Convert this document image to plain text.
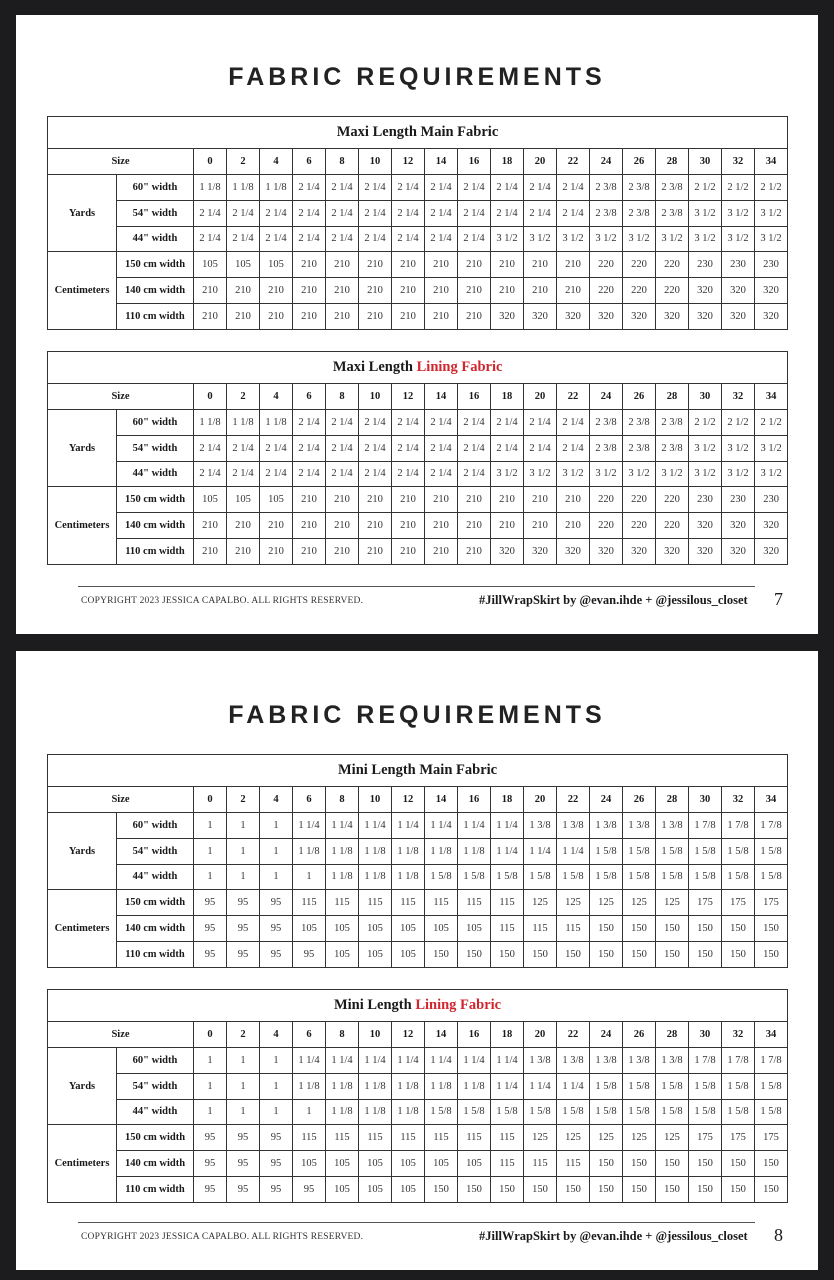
FABRIC REQUIREMENTS
Maxi Length Main Fabric																			
Size		0	2	4	6	8	10	12	14	16	18	20	22	24	26	28	30	32	34
Yards	60" width	1 1/8	1 1/8	1 1/8	2 1/4	2 1/4	2 1/4	2 1/4	2 1/4	2 1/4	2 1/4	2 1/4	2 1/4	2 3/8	2 3/8	2 3/8	2 1/2	2 1/2	2 1/2
	54" width	2 1/4	2 1/4	2 1/4	2 1/4	2 1/4	2 1/4	2 1/4	2 1/4	2 1/4	2 1/4	2 1/4	2 1/4	2 3/8	2 3/8	2 3/8	3 1/2	3 1/2	3 1/2
	44" width	2 1/4	2 1/4	2 1/4	2 1/4	2 1/4	2 1/4	2 1/4	2 1/4	2 1/4	3 1/2	3 1/2	3 1/2	3 1/2	3 1/2	3 1/2	3 1/2	3 1/2	3 1/2
Centimeters	150 cm width	105	105	105	210	210	210	210	210	210	210	210	210	220	220	220	230	230	230
	140 cm width	210	210	210	210	210	210	210	210	210	210	210	210	220	220	220	320	320	320
	110 cm width	210	210	210	210	210	210	210	210	210	320	320	320	320	320	320	320	320	320
Maxi Length Lining Fabric																			
Size		0	2	4	6	8	10	12	14	16	18	20	22	24	26	28	30	32	34
Yards	60" width	1 1/8	1 1/8	1 1/8	2 1/4	2 1/4	2 1/4	2 1/4	2 1/4	2 1/4	2 1/4	2 1/4	2 1/4	2 3/8	2 3/8	2 3/8	2 1/2	2 1/2	2 1/2
	54" width	2 1/4	2 1/4	2 1/4	2 1/4	2 1/4	2 1/4	2 1/4	2 1/4	2 1/4	2 1/4	2 1/4	2 1/4	2 3/8	2 3/8	2 3/8	3 1/2	3 1/2	3 1/2
	44" width	2 1/4	2 1/4	2 1/4	2 1/4	2 1/4	2 1/4	2 1/4	2 1/4	2 1/4	3 1/2	3 1/2	3 1/2	3 1/2	3 1/2	3 1/2	3 1/2	3 1/2	3 1/2
Centimeters	150 cm width	105	105	105	210	210	210	210	210	210	210	210	210	220	220	220	230	230	230
	140 cm width	210	210	210	210	210	210	210	210	210	210	210	210	220	220	220	320	320	320
	110 cm width	210	210	210	210	210	210	210	210	210	320	320	320	320	320	320	320	320	320
COPYRIGHT 2023 JESSICA CAPALBO. ALL RIGHTS RESERVED.	#JillWrapSkirt by @evan.ihde + @jessilous_closet 7
FABRIC REQUIREMENTS
Mini Length Main Fabric																			
Size		0	2	4	6	8	10	12	14	16	18	20	22	24	26	28	30	32	34
Yards	60" width	1	1	1	1 1/4	1 1/4	1 1/4	1 1/4	1 1/4	1 1/4	1 1/4	1 3/8	1 3/8	1 3/8	1 3/8	1 3/8	1 7/8	1 7/8	1 7/8
	54" width	1	1	1	1 1/8	1 1/8	1 1/8	1 1/8	1 1/8	1 1/8	1 1/4	1 1/4	1 1/4	1 5/8	1 5/8	1 5/8	1 5/8	1 5/8	1 5/8
	44" width	1	1	1	1	1 1/8	1 1/8	1 1/8	1 5/8	1 5/8	1 5/8	1 5/8	1 5/8	1 5/8	1 5/8	1 5/8	1 5/8	1 5/8	1 5/8
Centimeters	150 cm width	95	95	95	115	115	115	115	115	115	115	125	125	125	125	125	175	175	175
	140 cm width	95	95	95	105	105	105	105	105	105	115	115	115	150	150	150	150	150	150
	110 cm width	95	95	95	95	105	105	105	150	150	150	150	150	150	150	150	150	150	150
Mini Length Lining Fabric																			
Size		0	2	4	6	8	10	12	14	16	18	20	22	24	26	28	30	32	34
Yards	60" width	1	1	1	1 1/4	1 1/4	1 1/4	1 1/4	1 1/4	1 1/4	1 1/4	1 3/8	1 3/8	1 3/8	1 3/8	1 3/8	1 7/8	1 7/8	1 7/8
	54" width	1	1	1	1 1/8	1 1/8	1 1/8	1 1/8	1 1/8	1 1/8	1 1/4	1 1/4	1 1/4	1 5/8	1 5/8	1 5/8	1 5/8	1 5/8	1 5/8
	44" width	1	1	1	1	1 1/8	1 1/8	1 1/8	1 5/8	1 5/8	1 5/8	1 5/8	1 5/8	1 5/8	1 5/8	1 5/8	1 5/8	1 5/8	1 5/8
Centimeters	150 cm width	95	95	95	115	115	115	115	115	115	115	125	125	125	125	125	175	175	175
	140 cm width	95	95	95	105	105	105	105	105	105	115	115	115	150	150	150	150	150	150
	110 cm width	95	95	95	95	105	105	105	150	150	150	150	150	150	150	150	150	150	150
COPYRIGHT 2023 JESSICA CAPALBO. ALL RIGHTS RESERVED.	#JillWrapSkirt by @evan.ihde + @jessilous_closet 8
